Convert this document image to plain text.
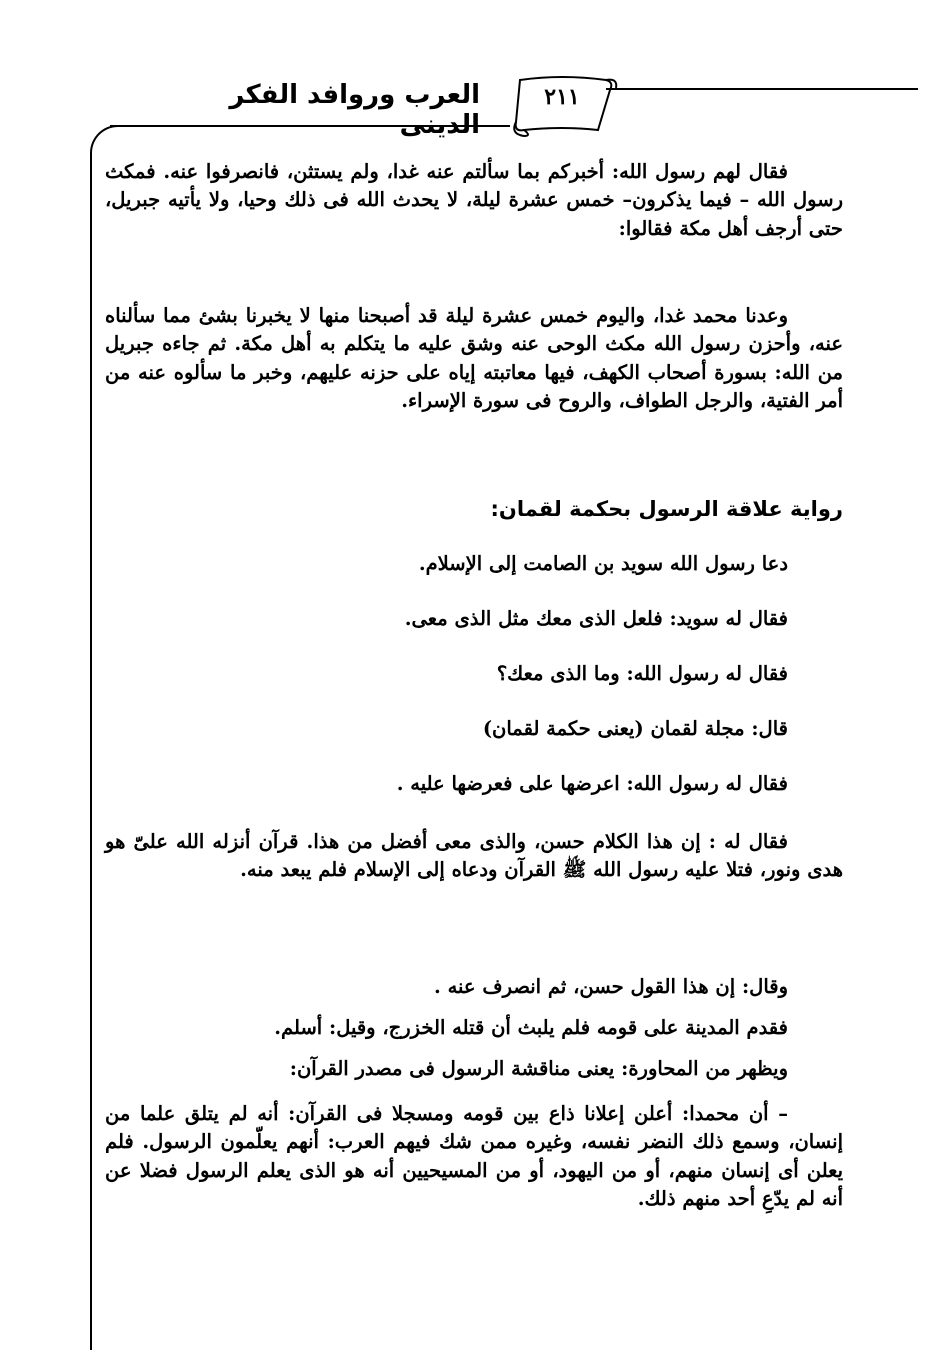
٢١١
العرب وروافد الفكر الدينى

فقال لهم رسول الله: أخبركم بما سألتم عنه غدا، ولم يستثن، فانصرفوا عنه. فمكث رسول الله – فيما يذكرون– خمس عشرة ليلة، لا يحدث الله فى ذلك وحيا، ولا يأتيه جبريل، حتى أرجف أهل مكة فقالوا:

وعدنا محمد غدا، واليوم خمس عشرة ليلة قد أصبحنا منها لا يخبرنا بشئ مما سألناه عنه، وأحزن رسول الله مكث الوحى عنه وشق عليه ما يتكلم به أهل مكة. ثم جاءه جبريل من الله: بسورة أصحاب الكهف، فيها معاتبته إياه على حزنه عليهم، وخبر ما سألوه عنه من أمر الفتية، والرجل الطواف، والروح فى سورة الإسراء.

رواية علاقة الرسول بحكمة لقمان:
دعا رسول الله سويد بن الصامت إلى الإسلام.
فقال له سويد: فلعل الذى معك مثل الذى معى.
فقال له رسول الله: وما الذى معك؟
قال: مجلة لقمان (يعنى حكمة لقمان)
فقال له رسول الله: اعرضها على فعرضها عليه .

فقال له : إن هذا الكلام حسن، والذى معى أفضل من هذا. قرآن أنزله الله علىّ هو هدى ونور، فتلا عليه رسول الله ﷺ القرآن ودعاه إلى الإسلام فلم يبعد منه.

وقال: إن هذا القول حسن، ثم انصرف عنه .
فقدم المدينة على قومه فلم يلبث أن قتله الخزرج، وقيل: أسلم.
ويظهر من المحاورة: يعنى مناقشة الرسول فى مصدر القرآن:

– أن محمدا: أعلن إعلانا ذاع بين قومه ومسجلا فى القرآن: أنه لم يتلق علما من إنسان، وسمع ذلك النضر نفسه، وغيره ممن شك فيهم العرب: أنهم يعلّمون الرسول. فلم يعلن أى إنسان منهم، أو من اليهود، أو من المسيحيين أنه هو الذى يعلم الرسول فضلا عن أنه لم يدّعِ أحد منهم ذلك.
